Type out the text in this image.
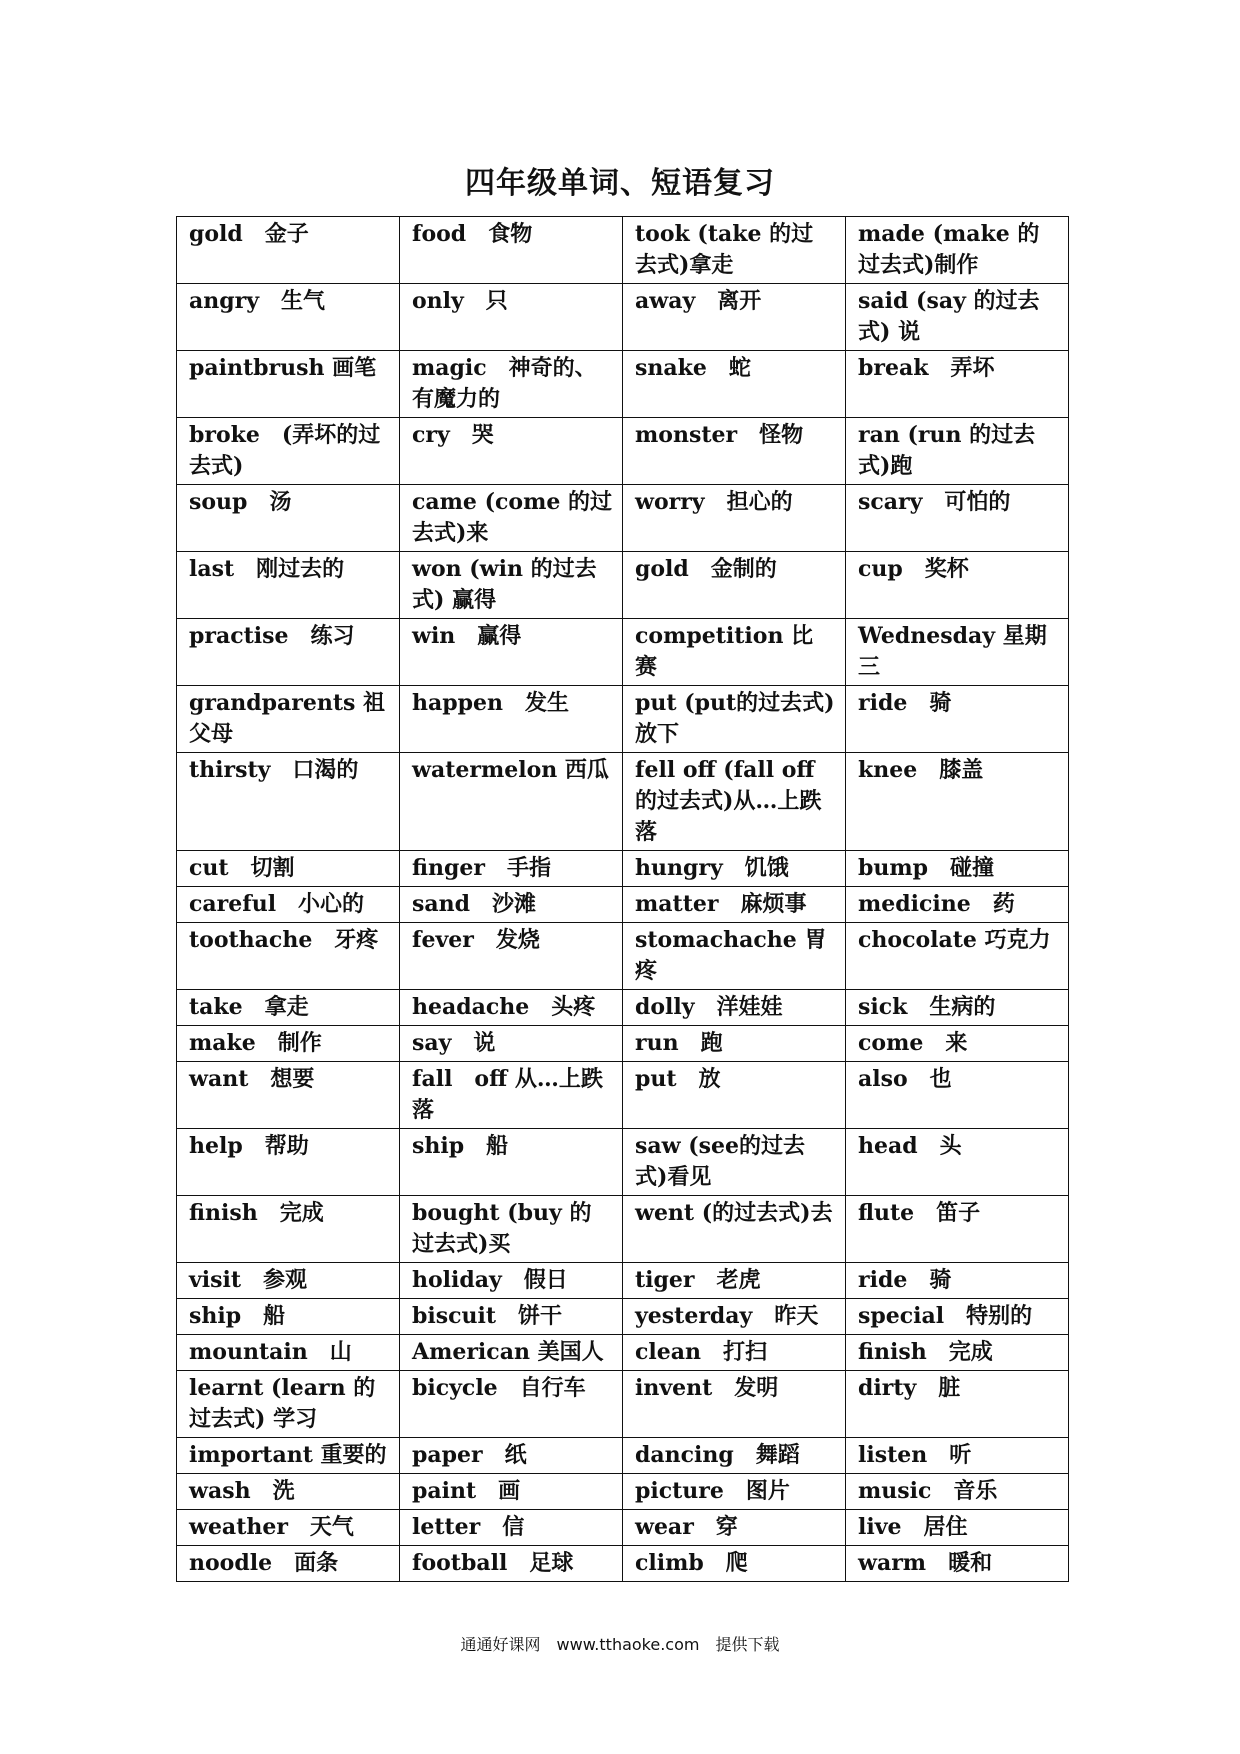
四年级单词、短语复习
gold　金子	food　食物	took (take 的过去式)拿走	made (make 的过去式)制作
angry　生气	only　只	away　离开	said (say 的过去式) 说
paintbrush 画笔	magic　神奇的、有魔力的	snake　蛇	break　弄坏
broke　(弄坏的过去式)	cry　哭	monster　怪物	ran (run 的过去式)跑
soup　汤	came (come 的过去式)来	worry　担心的	scary　可怕的
last　刚过去的	won (win 的过去式) 赢得	gold　金制的	cup　奖杯
practise　练习	win　赢得	competition 比赛	Wednesday 星期三
grandparents 祖父母	happen　发生	put (put的过去式)放下	ride　骑
thirsty　口渴的	watermelon 西瓜	fell off (fall off 的过去式)从…上跌落	knee　膝盖
cut　切割	finger　手指	hungry　饥饿	bump　碰撞
careful　小心的	sand　沙滩	matter　麻烦事	medicine　药
toothache　牙疼	fever　发烧	stomachache 胃疼	chocolate 巧克力
take　拿走	headache　头疼	dolly　洋娃娃	sick　生病的
make　制作	say　说	run　跑	come　来
want　想要	fall　off 从…上跌落	put　放	also　也
help　帮助	ship　船	saw (see的过去式)看见	head　头
finish　完成	bought (buy 的过去式)买	went (的过去式)去	flute　笛子
visit　参观	holiday　假日	tiger　老虎	ride　骑
ship　船	biscuit　饼干	yesterday　昨天	special　特别的
mountain　山	American 美国人	clean　打扫	finish　完成
learnt (learn 的过去式) 学习	bicycle　自行车	invent　发明	dirty　脏
important 重要的	paper　纸	dancing　舞蹈	listen　听
wash　洗	paint　画	picture　图片	music　音乐
weather　天气	letter　信	wear　穿	live　居住
noodle　面条	football　足球	climb　爬	warm　暖和
通通好课网　www.tthaoke.com　提供下载
